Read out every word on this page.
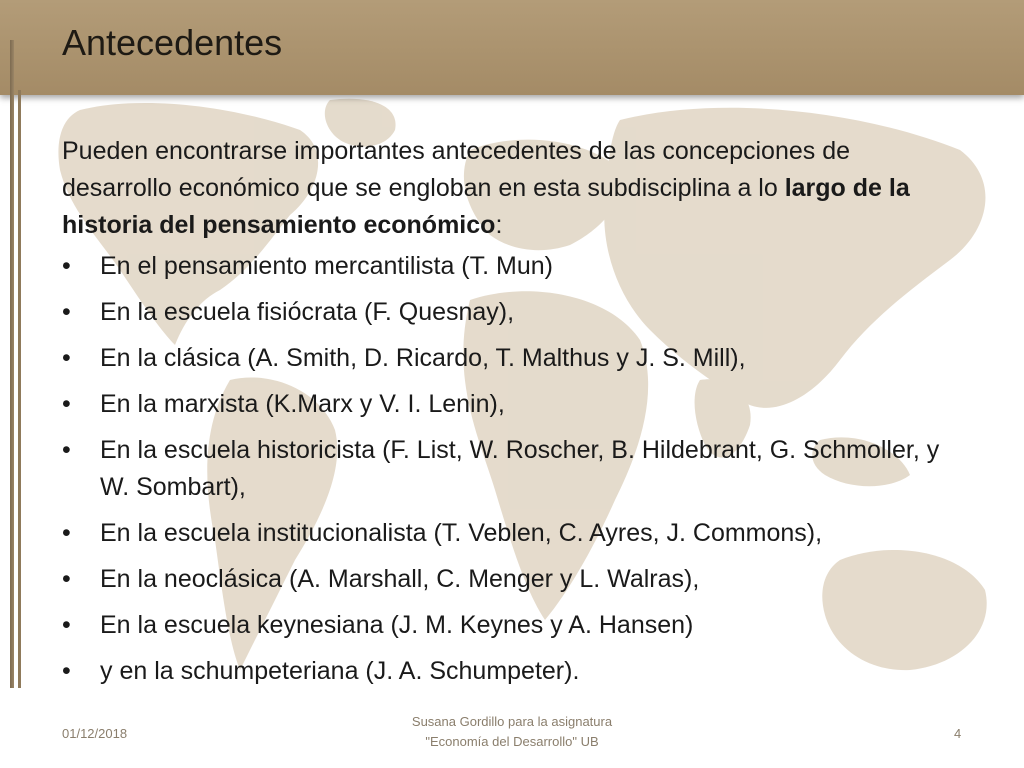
Antecedentes

Pueden encontrarse importantes antecedentes de las concepciones de desarrollo económico que se engloban en esta subdisciplina a lo largo de la historia del pensamiento económico:

• En el pensamiento mercantilista (T. Mun)
• En la escuela fisiócrata (F. Quesnay),
• En la clásica (A. Smith, D. Ricardo, T. Malthus y J. S. Mill),
• En la marxista (K.Marx y V. I. Lenin),
• En la escuela historicista (F. List, W. Roscher, B. Hildebrant, G. Schmoller, y W. Sombart),
• En la escuela institucionalista (T. Veblen, C. Ayres, J. Commons),
• En la neoclásica (A. Marshall, C. Menger y L. Walras),
• En la escuela keynesiana (J. M. Keynes y A. Hansen)
• y en la schumpeteriana (J. A. Schumpeter).
01/12/2018
Susana Gordillo para la asignatura
"Economía del Desarrollo" UB
4
